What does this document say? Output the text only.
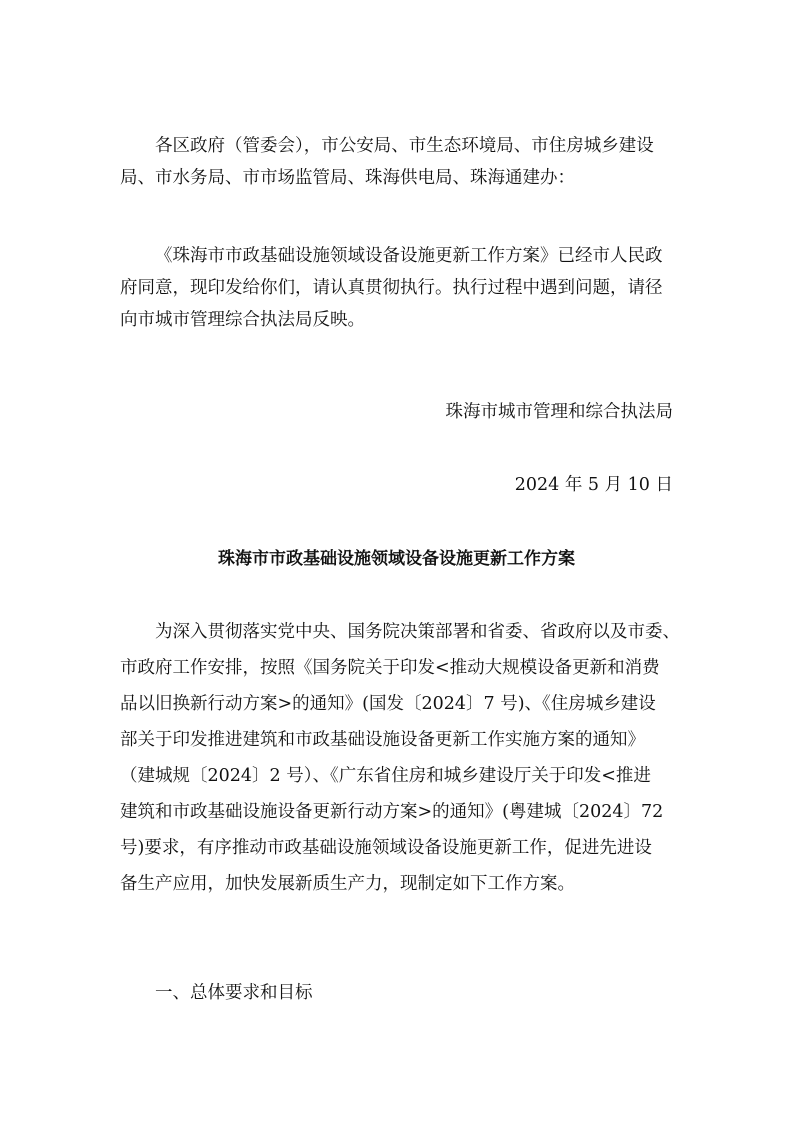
各区政府（管委会），市公安局、市生态环境局、市住房城乡建设
局、市水务局、市市场监管局、珠海供电局、珠海通建办：
《珠海市市政基础设施领域设备设施更新工作方案》已经市人民政
府同意，现印发给你们，请认真贯彻执行。执行过程中遇到问题，请径
向市城市管理综合执法局反映。
珠海市城市管理和综合执法局
2024 年 5 月 10 日
珠海市市政基础设施领域设备设施更新工作方案
为深入贯彻落实党中央、国务院决策部署和省委、省政府以及市委、
市政府工作安排，按照《国务院关于印发<推动大规模设备更新和消费
品以旧换新行动方案>的通知》(国发〔2024〕7 号)、《住房城乡建设
部关于印发推进建筑和市政基础设施设备更新工作实施方案的通知》
（建城规〔2024〕2 号）、《广东省住房和城乡建设厅关于印发<推进
建筑和市政基础设施设备更新行动方案>的通知》(粤建城〔2024〕72
号)要求，有序推动市政基础设施领域设备设施更新工作，促进先进设
备生产应用，加快发展新质生产力，现制定如下工作方案。
一、总体要求和目标
